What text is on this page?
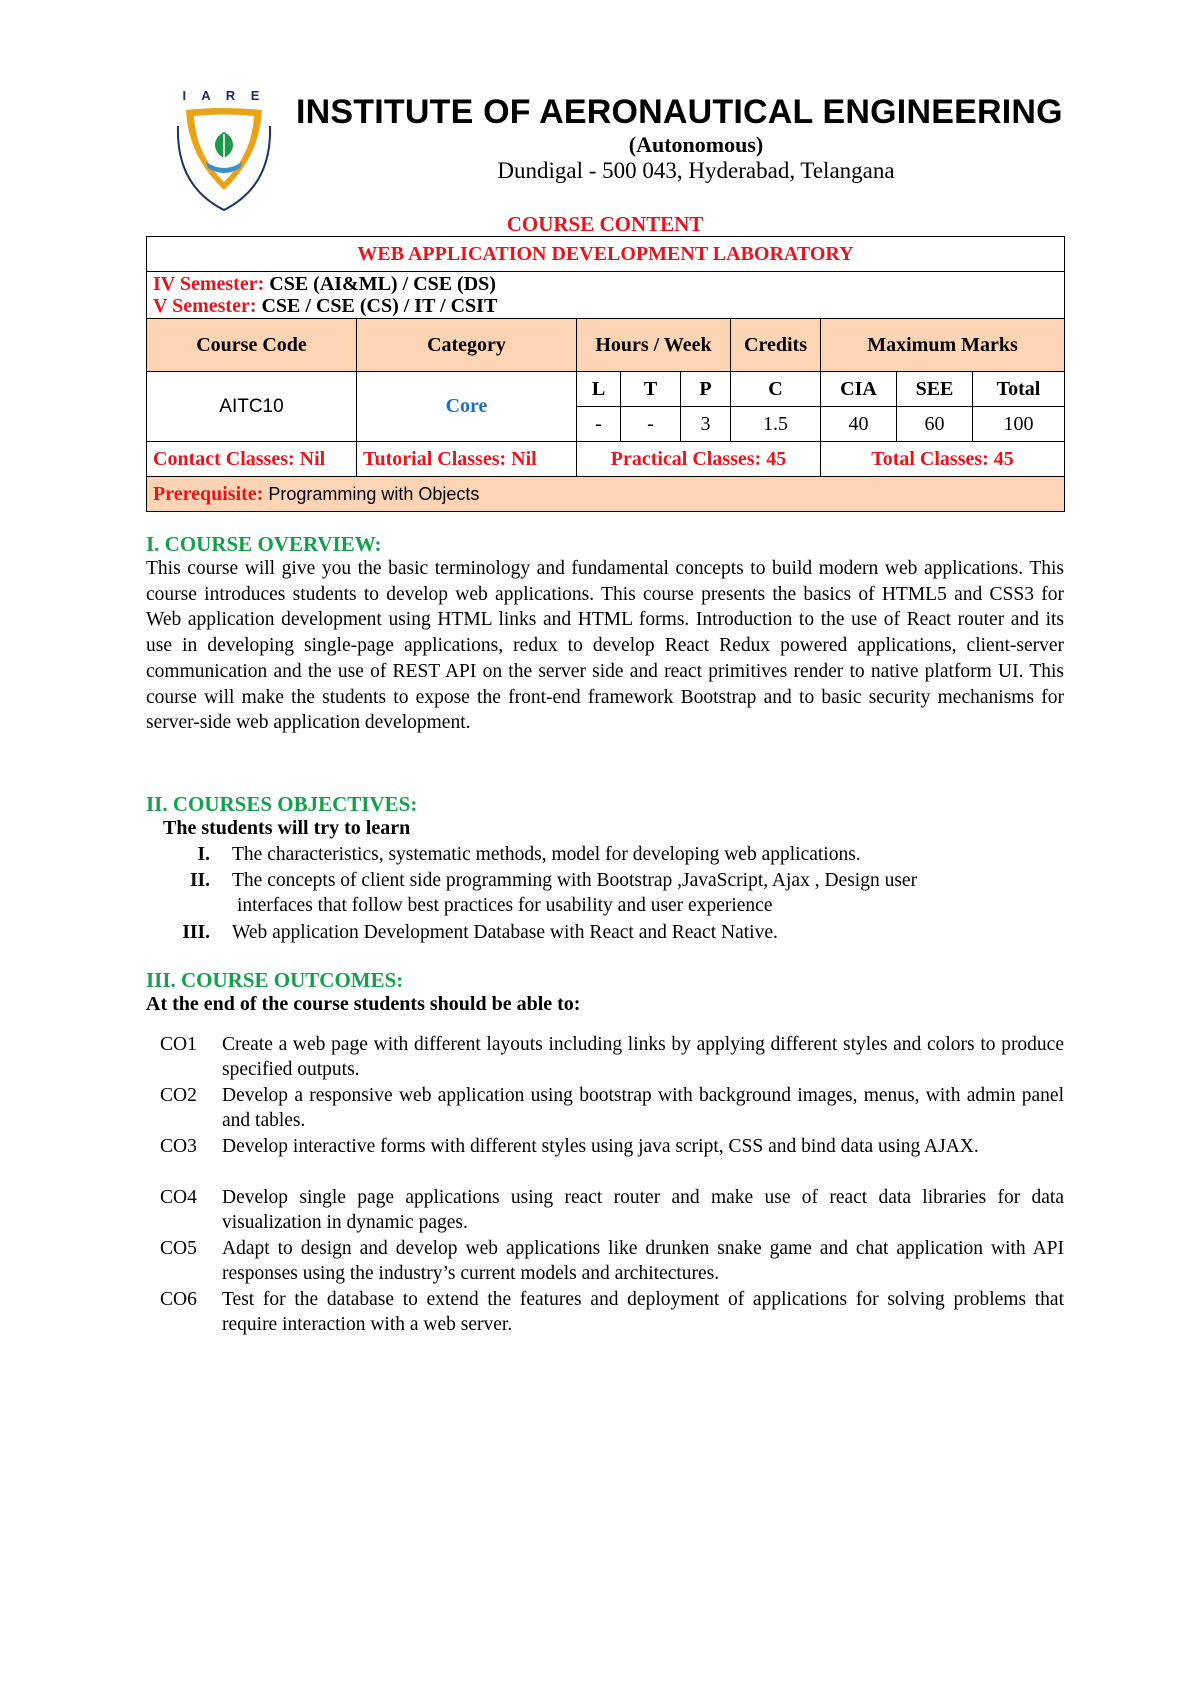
I A R E INSTITUTE OF AERONAUTICAL ENGINEERING
(Autonomous)
Dundigal - 500 043, Hyderabad, Telangana
COURSE CONTENT
WEB APPLICATION DEVELOPMENT LABORATORY								

IV Semester: CSE (AI&ML) / CSE (DS)
V Semester: CSE / CSE (CS) / IT / CSIT								

Course Code	Category	Hours / Week			Credits	Maximum Marks		
AITC10	Core	L	T	P	C	CIA	SEE	Total
		-	-	3	1.5	40	60	100
Contact Classes: Nil	Tutorial Classes: Nil	Practical Classes: 45				Total Classes: 45		
Prerequisite: Programming with Objects								
I. COURSE OVERVIEW:
This course will give you the basic terminology and fundamental concepts to build modern web applications. This course introduces students to develop web applications. This course presents the basics of HTML5 and CSS3 for Web application development using HTML links and HTML forms. Introduction to the use of React router and its use in developing single-page applications, redux to develop React Redux powered applications, client-server communication and the use of REST API on the server side and react primitives render to native platform UI. This course will make the students to expose the front-end framework Bootstrap and to basic security mechanisms for server-side web application development.
II. COURSES OBJECTIVES:
The students will try to learn
I. The characteristics, systematic methods, model for developing web applications.
II. The concepts of client side programming with Bootstrap ,JavaScript, Ajax , Design user
interfaces that follow best practices for usability and user experience
III. Web application Development Database with React and React Native.
III. COURSE OUTCOMES:
At the end of the course students should be able to:
CO1 Create a web page with different layouts including links by applying different styles and colors to produce specified outputs.
CO2 Develop a responsive web application using bootstrap with background images, menus, with admin panel and tables.
CO3 Develop interactive forms with different styles using java script, CSS and bind data using AJAX.
CO4 Develop single page applications using react router and make use of react data libraries for data visualization in dynamic pages.
CO5 Adapt to design and develop web applications like drunken snake game and chat application with API responses using the industry’s current models and architectures.
CO6 Test for the database to extend the features and deployment of applications for solving problems that require interaction with a web server.
